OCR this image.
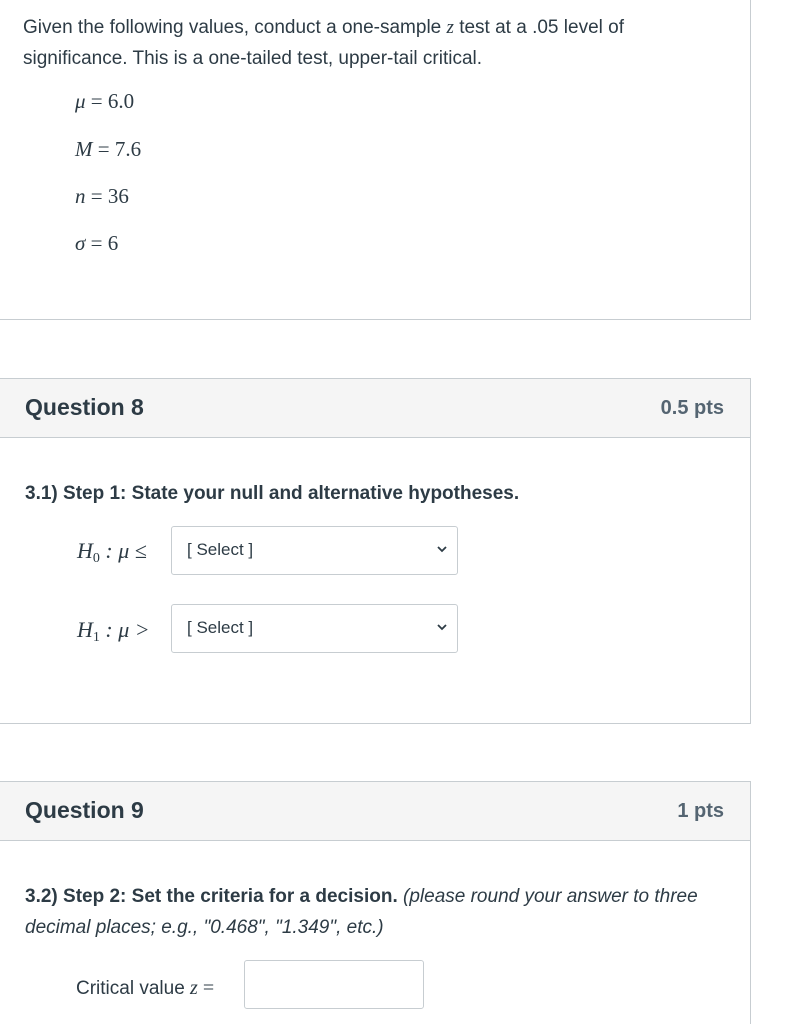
Given the following values, conduct a one-sample z test at a .05 level of significance. This is a one-tailed test, upper-tail critical.
μ = 6.0
M = 7.6
n = 36
σ = 6
Question 8	0.5 pts
3.1) Step 1: State your null and alternative hypotheses.
$H_0$ : μ ≤ [ Select ]
$H_1$ : μ > [ Select ]
Question 9	1 pts
3.2) Step 2: Set the criteria for a decision. (please round your answer to three decimal places; e.g., "0.468", "1.349", etc.)
Critical value z =
